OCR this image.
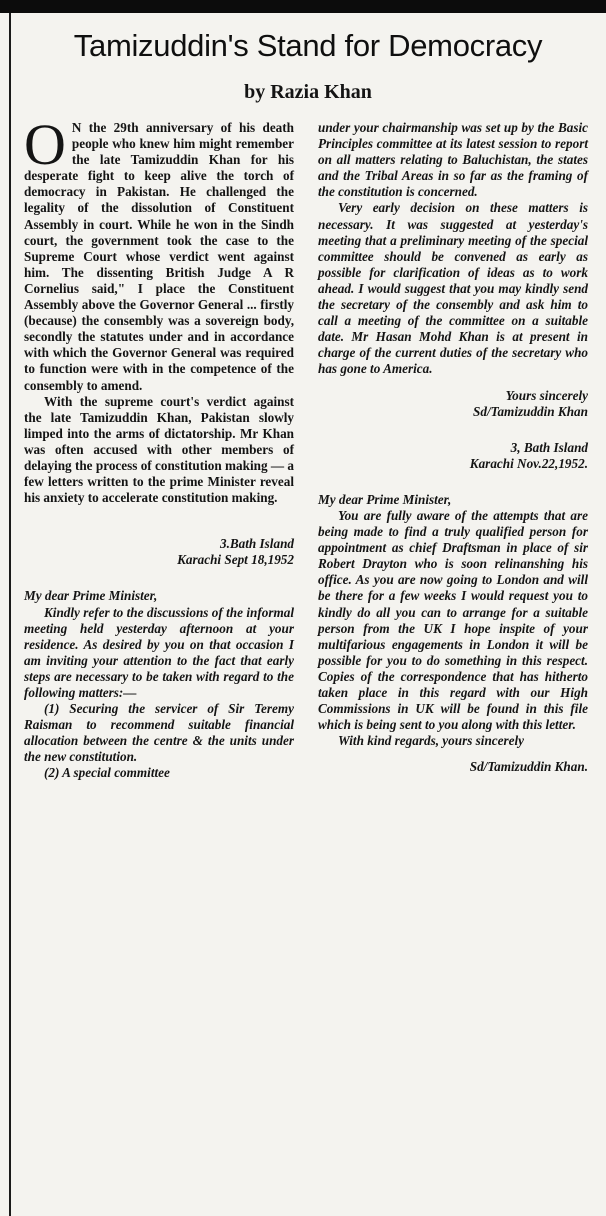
Tamizuddin's Stand for Democracy
by Razia Khan

O N the 29th anniversary of his death people who knew him might remember the late Tamizuddin Khan for his desperate fight to keep alive the torch of democracy in Pakistan. He challenged the legality of the dissolution of Constituent Assembly in court. While he won in the Sindh court, the government took the case to the Supreme Court whose verdict went against him. The dissenting British Judge A R Cornelius said," I place the Constituent Assembly above the Governor General ... firstly (because) the consembly was a sovereign body, secondly the statutes under and in accordance with which the Governor General was required to function were with in the competence of the consembly to amend.

With the supreme court's verdict against the late Tamizuddin Khan, Pakistan slowly limped into the arms of dictatorship. Mr Khan was often accused with other members of delaying the process of constitution making — a few letters written to the prime Minister reveal his anxiety to accelerate constitution making.

3.Bath Island

Karachi Sept 18,1952

My dear Prime Minister,

Kindly refer to the discussions of the informal meeting held yesterday afternoon at your residence. As desired by you on that occasion I am inviting your attention to the fact that early steps are necessary to be taken with regard to the following matters:—

(1) Securing the servicer of Sir Teremy Raisman to recommend suitable financial allocation between the centre & the units under the new constitution.

(2) A special committee

under your chairmanship was set up by the Basic Principles committee at its latest session to report on all matters relating to Baluchistan, the states and the Tribal Areas in so far as the framing of the constitution is concerned.

Very early decision on these matters is necessary. It was suggested at yesterday's meeting that a preliminary meeting of the special committee should be convened as early as possible for clarification of ideas as to work ahead. I would suggest that you may kindly send the secretary of the consembly and ask him to call a meeting of the committee on a suitable date. Mr Hasan Mohd Khan is at present in charge of the current duties of the secretary who has gone to America.

Yours sincerely

Sd/Tamizuddin Khan

3, Bath Island

Karachi Nov.22,1952.

My dear Prime Minister,

You are fully aware of the attempts that are being made to find a truly qualified person for appointment as chief Draftsman in place of sir Robert Drayton who is soon relinanshing his office. As you are now going to London and will be there for a few weeks I would request you to kindly do all you can to arrange for a suitable person from the UK I hope inspite of your multifarious engagements in London it will be possible for you to do something in this respect. Copies of the correspondence that has hitherto taken place in this regard with our High Commissions in UK will be found in this file which is being sent to you along with this letter.

With kind regards, yours sincerely

Sd/Tamizuddin Khan.
